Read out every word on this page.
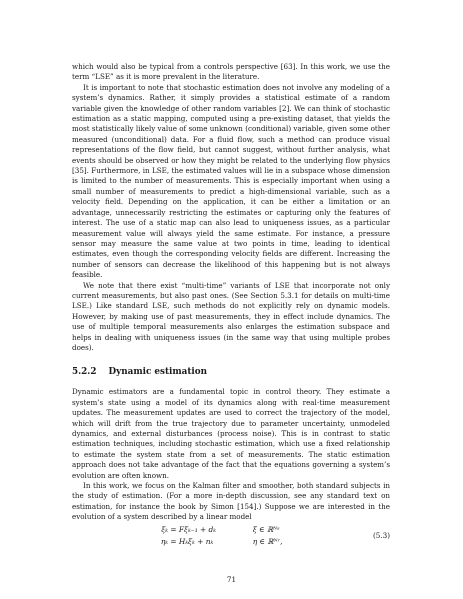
which would also be typical from a controls perspective [63]. In this work, we use the term “LSE” as it is more prevalent in the literature.

It is important to note that stochastic estimation does not involve any modeling of a system’s dynamics. Rather, it simply provides a statistical estimate of a random variable given the knowledge of other random variables [2]. We can think of stochastic estimation as a static mapping, computed using a pre-existing dataset, that yields the most statistically likely value of some unknown (conditional) variable, given some other measured (unconditional) data. For a fluid flow, such a method can produce visual representations of the flow field, but cannot suggest, without further analysis, what events should be observed or how they might be related to the underlying flow physics [35]. Furthermore, in LSE, the estimated values will lie in a subspace whose dimension is limited to the number of measurements. This is especially important when using a small number of measurements to predict a high-dimensional variable, such as a velocity field. Depending on the application, it can be either a limitation or an advantage, unnecessarily restricting the estimates or capturing only the features of interest. The use of a static map can also lead to uniqueness issues, as a particular measurement value will always yield the same estimate. For instance, a pressure sensor may measure the same value at two points in time, leading to identical estimates, even though the corresponding velocity fields are different. Increasing the number of sensors can decrease the likelihood of this happening but is not always feasible.

We note that there exist “multi-time” variants of LSE that incorporate not only current measurements, but also past ones. (See Section 5.3.1 for details on multi-time LSE.) Like standard LSE, such methods do not explicitly rely on dynamic models. However, by making use of past measurements, they in effect include dynamics. The use of multiple temporal measurements also enlarges the estimation subspace and helps in dealing with uniqueness issues (in the same way that using multiple probes does).

5.2.2 Dynamic estimation

Dynamic estimators are a fundamental topic in control theory. They estimate a system’s state using a model of its dynamics along with real-time measurement updates. The measurement updates are used to correct the trajectory of the model, which will drift from the true trajectory due to parameter uncertainty, unmodeled dynamics, and external disturbances (process noise). This is in contrast to static estimation techniques, including stochastic estimation, which use a fixed relationship to estimate the system state from a set of measurements. The static estimation approach does not take advantage of the fact that the equations governing a system’s evolution are often known.

In this work, we focus on the Kalman filter and smoother, both standard subjects in the study of estimation. (For a more in-depth discussion, see any standard text on estimation, for instance the book by Simon [154].) Suppose we are interested in the evolution of a system described by a linear model

ξₖ = Fξₖ₋₁ + dₖ	ξ ∈ ℝᴺˢ
ηₖ = Hₖξₖ + nₖ	η ∈ ℝᴺʳ,
(5.3)
71
